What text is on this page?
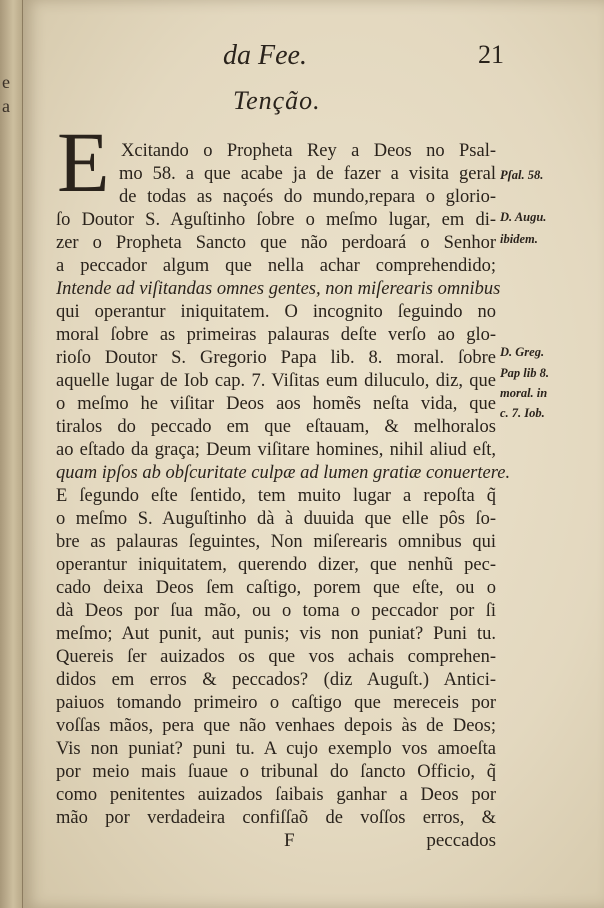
e
a
da Fee.	21
Tenção.
E Xcitando o Propheta Rey a Deos no Psal-
mo 58. a que acabe ja de fazer a visita geral
de todas as naçoés do mundo,repara o glorio-
ſo Doutor S. Aguſtinho ſobre o meſmo lugar, em di-
zer o Propheta Sancto que não perdoará o Senhor
a peccador algum que nella achar comprehendido;
Intende ad viſitandas omnes gentes, non miſerearis omnibus
qui operantur iniquitatem. O incognito ſeguindo no
moral ſobre as primeiras palauras deſte verſo ao glo-
rioſo Doutor S. Gregorio Papa lib. 8. moral. ſobre
aquelle lugar de Iob cap. 7. Viſitas eum diluculo, diz, que
o meſmo he viſitar Deos aos homẽs neſta vida, que
tiralos do peccado em que eſtauam, & melhoralos
ao eſtado da graça; Deum viſitare homines, nihil aliud eſt,
quam ipſos ab obſcuritate culpæ ad lumen gratiæ conuertere.
E ſegundo eſte ſentido, tem muito lugar a repoſta q̃
o meſmo S. Auguſtinho dà à duuida que elle pôs ſo-
bre as palauras ſeguintes, Non miſerearis omnibus qui
operantur iniquitatem, querendo dizer, que nenhũ pec-
cado deixa Deos ſem caſtigo, porem que eſte, ou o
dà Deos por ſua mão, ou o toma o peccador por ſi
meſmo; Aut punit, aut punis; vis non puniat? Puni tu.
Quereis ſer auizados os que vos achais comprehen-
didos em erros & peccados? (diz Auguſt.) Antici-
paiuos tomando primeiro o caſtigo que mereceis por
voſſas mãos, pera que não venhaes depois às de Deos;
Vis non puniat? puni tu. A cujo exemplo vos amoeſta
por meio mais ſuaue o tribunal do ſancto Officio, q̃
como penitentes auizados ſaibais ganhar a Deos por
mão por verdadeira confiſſaõ de voſſos erros, &
Pſal. 58.
D. Augu.
ibidem.
D. Greg.
Pap lib 8.
moral. in
c. 7. Iob.
F	peccados
